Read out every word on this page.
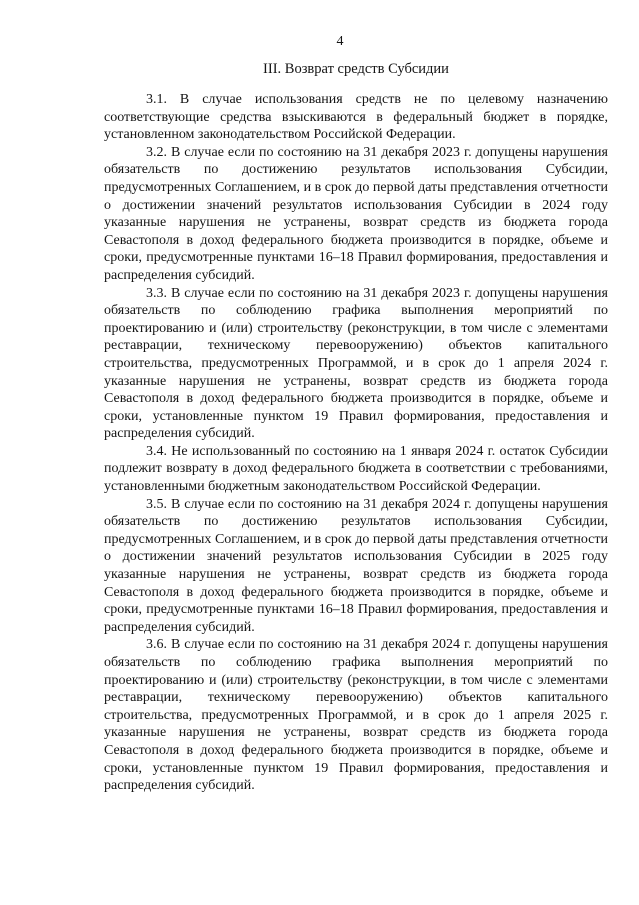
4
III. Возврат средств Субсидии

3.1. В случае использования средств не по целевому назначению соответствующие средства взыскиваются в федеральный бюджет в порядке, установленном законодательством Российской Федерации.

3.2. В случае если по состоянию на 31 декабря 2023 г. допущены нарушения обязательств по достижению результатов использования Субсидии, предусмотренных Соглашением, и в срок до первой даты представления отчетности о достижении значений результатов использования Субсидии в 2024 году указанные нарушения не устранены, возврат средств из бюджета города Севастополя в доход федерального бюджета производится в порядке, объеме и сроки, предусмотренные пунктами 16–18 Правил формирования, предоставления и распределения субсидий.

3.3. В случае если по состоянию на 31 декабря 2023 г. допущены нарушения обязательств по соблюдению графика выполнения мероприятий по проектированию и (или) строительству (реконструкции, в том числе с элементами реставрации, техническому перевооружению) объектов капитального строительства, предусмотренных Программой, и в срок до 1 апреля 2024 г. указанные нарушения не устранены, возврат средств из бюджета города Севастополя в доход федерального бюджета производится в порядке, объеме и сроки, установленные пунктом 19 Правил формирования, предоставления и распределения субсидий.

3.4. Не использованный по состоянию на 1 января 2024 г. остаток Субсидии подлежит возврату в доход федерального бюджета в соответствии с требованиями, установленными бюджетным законодательством Российской Федерации.

3.5. В случае если по состоянию на 31 декабря 2024 г. допущены нарушения обязательств по достижению результатов использования Субсидии, предусмотренных Соглашением, и в срок до первой даты представления отчетности о достижении значений результатов использования Субсидии в 2025 году указанные нарушения не устранены, возврат средств из бюджета города Севастополя в доход федерального бюджета производится в порядке, объеме и сроки, предусмотренные пунктами 16–18 Правил формирования, предоставления и распределения субсидий.

3.6. В случае если по состоянию на 31 декабря 2024 г. допущены нарушения обязательств по соблюдению графика выполнения мероприятий по проектированию и (или) строительству (реконструкции, в том числе с элементами реставрации, техническому перевооружению) объектов капитального строительства, предусмотренных Программой, и в срок до 1 апреля 2025 г. указанные нарушения не устранены, возврат средств из бюджета города Севастополя в доход федерального бюджета производится в порядке, объеме и сроки, установленные пунктом 19 Правил формирования, предоставления и распределения субсидий.
